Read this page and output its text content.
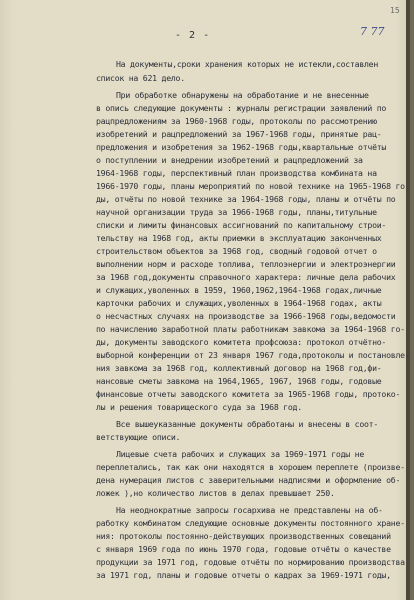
15
- 2 -	7 77
На документы,сроки хранения которых не истекли,составлен
список на 621 дело.
При обработке обнаружены на обработание и не внесенные
в опись следующие документы : журналы регистрации заявлений по
рацпредложениям за 1960-1968 годы, протоколы по рассмотрению
изобретений и рацпредложений за 1967-1968 годы, принятые рац-
предложения и изобретения за 1962-1968 годы,квартальные отчёты
о поступлении и внедрении изобретений и рацпредложений за
1964-1968 годы, перспективный план производства комбината на
1966-1970 годы, планы мероприятий по новой технике на 1965-1968 го
ды, отчёты по новой технике за 1964-1968 годы, планы и отчёты по
научной организации труда за 1966-1968 годы, планы,титульные
списки и лимиты финансовых ассигнований по капитальному строи-
тельству на 1968 год, акты приемки в эксплуатацию законченных
строительством объектов за 1968 год, сводный годовой отчет о
выполнении норм и расходе топлива, теплоэнергии и электроэнергии
за 1968 год,документы справочного характера: личные дела рабочих
и служащих,уволенных в 1959, 1960,1962,1964-1968 годах,личные
карточки рабочих и служащих,уволенных в 1964-1968 годах, акты
о несчастных случаях на производстве за 1966-1968 годы,ведомости
по начислению заработной платы работникам завкома за 1964-1968 го-
ды, документы заводского комитета профсоюза: протокол отчётно-
выборной конференции от 23 января 1967 года,протоколы и постановле-
ния завкома за 1968 год, коллективный договор на 1968 год,фи-
нансовые сметы завкома на 1964,1965, 1967, 1968 годы, годовые
финансовые отчеты заводского комитета за 1965-1968 годы, протоко-
лы и решения товарищеского суда за 1968 год.
Все вышеуказанные документы обработаны и внесены в соот-
ветствующие описи.
Лицевые счета рабочих и служащих за 1969-1971 годы не
переплетались, так как они находятся в хорошем переплете (произве-
дена нумерация листов с заверительными надписями и оформление об-
ложек ),но количество листов в делах превышает 250.
На неоднократные запросы госархива не представлены на об-
работку комбинатом следующие основные документы постоянного хране-
ния: протоколы постоянно-действующих производственных совещаний
с января 1969 года по июнь 1970 года, годовые отчёты о качестве
продукции за 1971 год, годовые отчёты по нормированию производства
за 1971 год, планы и годовые отчеты о кадрах за 1969-1971 годы,
